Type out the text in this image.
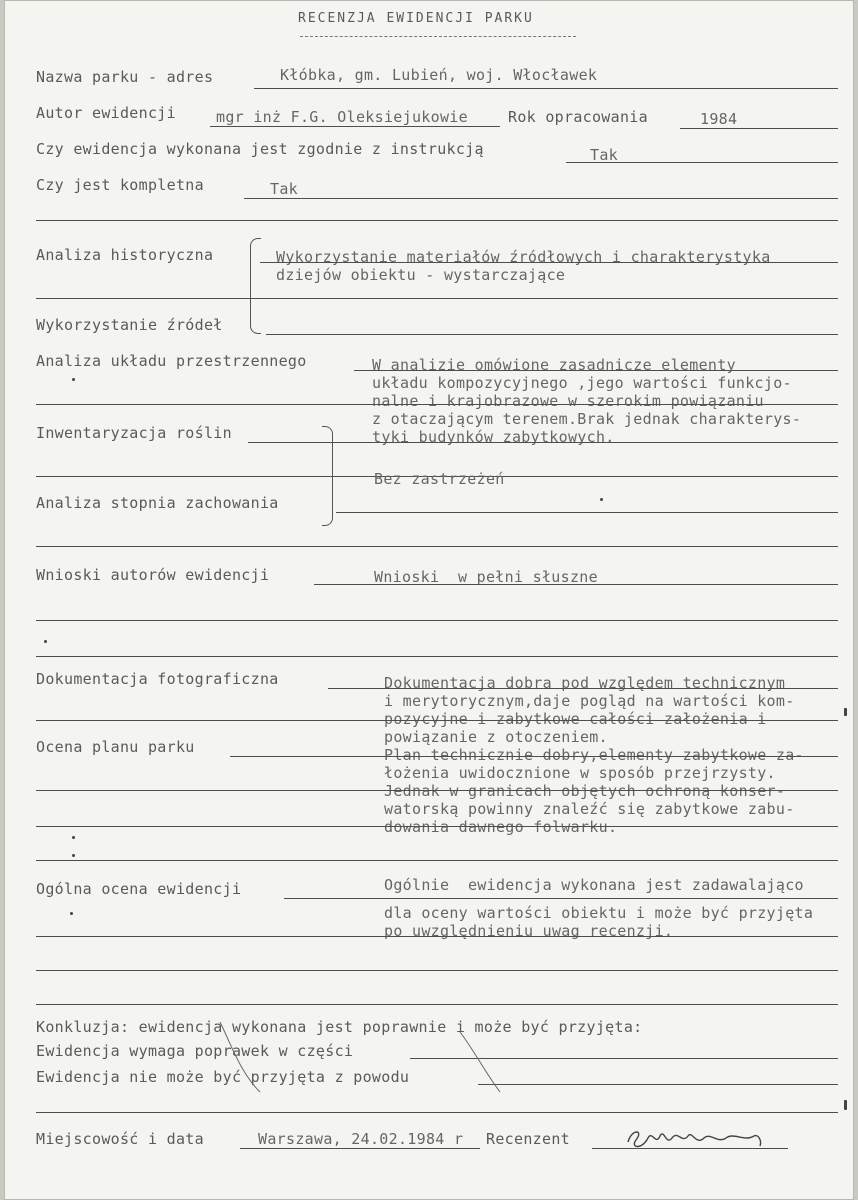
RECENZJA EWIDENCJI PARKU
Nazwa parku - adres	Kłóbka, gm. Lubień, woj. Włocławek
Autor ewidencji	mgr inż F.G. Oleksiejukowie	Rok opracowania	1984
Czy ewidencja wykonana jest zgodnie z instrukcją	Tak
Czy jest kompletna	Tak
Analiza historyczna	Wykorzystanie materiałów źródłowych i charakterystyka
dziejów obiektu - wystarczające
Wykorzystanie źródeł
Analiza układu przestrzennego	W analizie omówione zasadnicze elementy
układu kompozycyjnego ,jego wartości funkcjo-
nalne i krajobrazowe w szerokim powiązaniu
z otaczającym terenem.Brak jednak charakterys-
tyki budynków zabytkowych.
Inwentaryzacja roślin
Bez zastrzeżeń
Analiza stopnia zachowania
Wnioski autorów ewidencji	Wnioski  w pełni słuszne
Dokumentacja fotograficzna	Dokumentacja dobra pod względem technicznym
i merytorycznym,daje pogląd na wartości kom-
pozycyjne i zabytkowe całości założenia i
powiązanie z otoczeniem.
Ocena planu parku	Plan technicznie dobry,elementy zabytkowe za-
łożenia uwidocznione w sposób przejrzysty.
Jednak w granicach objętych ochroną konser-
watorską powinny znaleźć się zabytkowe zabu-
dowania dawnego folwarku.
Ogólna ocena ewidencji	Ogólnie  ewidencja wykonana jest zadawalająco
dla oceny wartości obiektu i może być przyjęta
po uwzględnieniu uwag recenzji.
Konkluzja: ewidencja wykonana jest poprawnie i może być przyjęta:
Ewidencja wymaga poprawek w części
Ewidencja nie może być przyjęta z powodu
Miejscowość i data	Warszawa, 24.02.1984 r Recenzent
